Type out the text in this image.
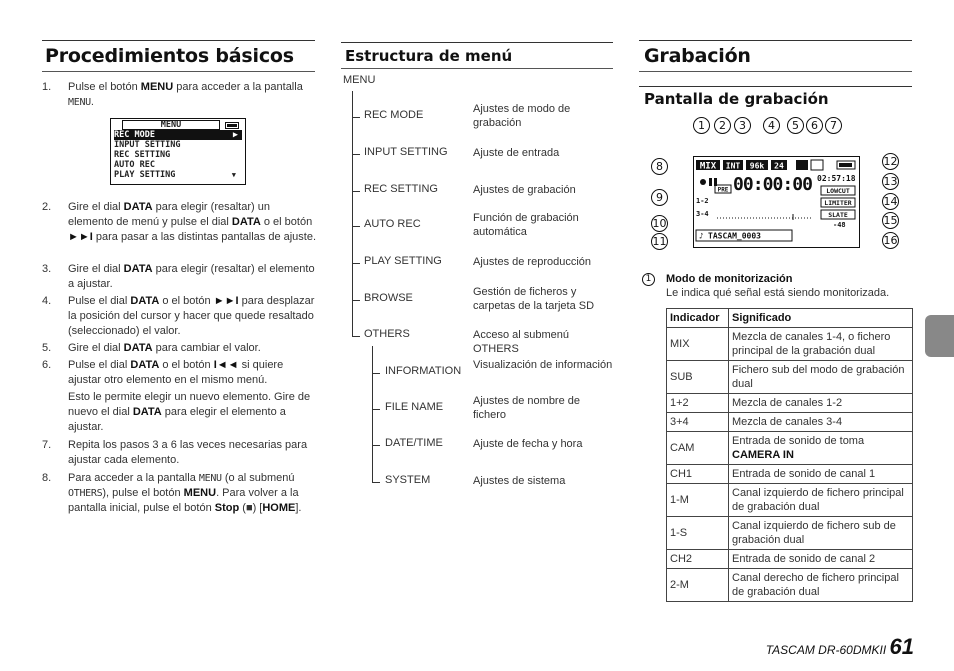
Procedimientos básicos
1.	Pulse el botón MENU para acceder a la pantalla MENU.
2.	Gire el dial DATA para elegir (resaltar) un elemento de menú y pulse el dial DATA o el botón ►►I para pasar a las distintas pantallas de ajuste.
3.	Gire el dial DATA para elegir (resaltar) el elemento a ajustar.
4.	Pulse el dial DATA o el botón ►►I para desplazar la posición del cursor y hacer que quede resaltado (seleccionado) el valor.
5.	Gire el dial DATA para cambiar el valor.
6.	Pulse el dial DATA o el botón I◄◄ si quiere ajustar otro elemento en el mismo menú.
Esto le permite elegir un nuevo elemento. Gire de nuevo el dial DATA para elegir el elemento a ajustar.
7.	Repita los pasos 3 a 6 las veces necesarias para ajustar cada elemento.
8.	Para acceder a la pantalla MENU (o al submenú OTHERS), pulse el botón MENU. Para volver a la pantalla inicial, pulse el botón Stop (■) [HOME].
MENU
REC MODE	▶
INPUT SETTING
REC SETTING
AUTO REC
PLAY SETTING	▼
Estructura de menú
MENU
REC MODE	Ajustes de modo de grabación
INPUT SETTING Ajuste de entrada
REC SETTING	Ajustes de grabación
AUTO REC	Función de grabación automática
PLAY SETTING	Ajustes de reproducción
BROWSE	Gestión de ficheros y carpetas de la tarjeta SD
OTHERS	Acceso al submenú OTHERS
INFORMATION Visualización de información
FILE NAME	Ajustes de nombre de fichero
DATE/TIME	Ajuste de fecha y hora
SYSTEM	Ajustes de sistema
Grabación
Pantalla de grabación
MIX INT 96k 24
PRE 00:00:00 02:57:18
1-2
3-4
LOWCUT
LIMITER
SLATE
-48
♪ TASCAM_0003
1	2	3	4	5	6	7
8
9
10
11
12
13
14
15
16
1	Modo de monitorización
Le indica qué señal está siendo monitorizada.
Indicador	Significado
MIX	Mezcla de canales 1-4, o fichero principal de la grabación dual
SUB	Fichero sub del modo de grabación dual
1+2	Mezcla de canales 1-2
3+4	Mezcla de canales 3-4
CAM	Entrada de sonido de toma
CAMERA IN
CH1	Entrada de sonido de canal 1
1-M	Canal izquierdo de fichero principal de grabación dual
1-S	Canal izquierdo de fichero sub de grabación dual
CH2	Entrada de sonido de canal 2
2-M	Canal derecho de fichero principal de grabación dual
TASCAM DR-60DMKII 61
